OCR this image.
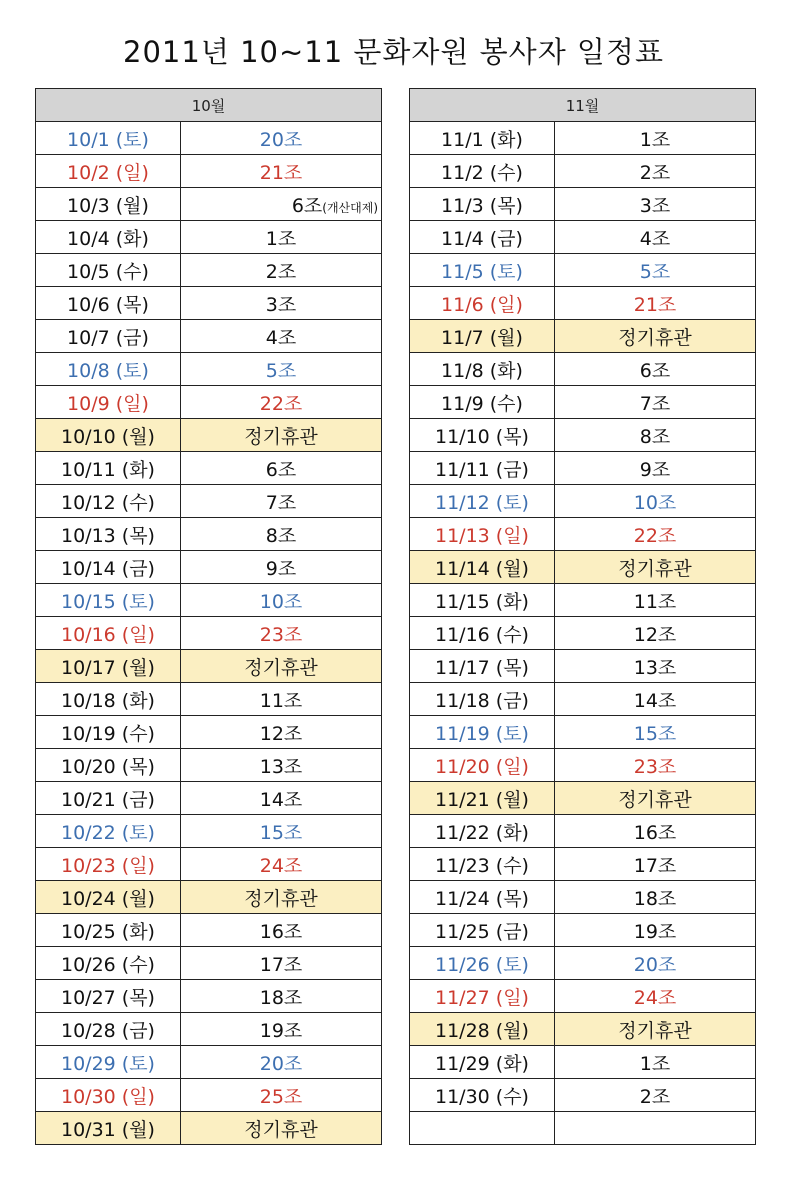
2011년 10~11 문화자원 봉사자 일정표
10월	
10/1 (토)	20조
10/2 (일)	21조
10/3 (월)	6조(개산대제)
10/4 (화)	1조
10/5 (수)	2조
10/6 (목)	3조
10/7 (금)	4조
10/8 (토)	5조
10/9 (일)	22조
10/10 (월)	정기휴관
10/11 (화)	6조
10/12 (수)	7조
10/13 (목)	8조
10/14 (금)	9조
10/15 (토)	10조
10/16 (일)	23조
10/17 (월)	정기휴관
10/18 (화)	11조
10/19 (수)	12조
10/20 (목)	13조
10/21 (금)	14조
10/22 (토)	15조
10/23 (일)	24조
10/24 (월)	정기휴관
10/25 (화)	16조
10/26 (수)	17조
10/27 (목)	18조
10/28 (금)	19조
10/29 (토)	20조
10/30 (일)	25조
10/31 (월)	정기휴관
11월	
11/1 (화)	1조
11/2 (수)	2조
11/3 (목)	3조
11/4 (금)	4조
11/5 (토)	5조
11/6 (일)	21조
11/7 (월)	정기휴관
11/8 (화)	6조
11/9 (수)	7조
11/10 (목)	8조
11/11 (금)	9조
11/12 (토)	10조
11/13 (일)	22조
11/14 (월)	정기휴관
11/15 (화)	11조
11/16 (수)	12조
11/17 (목)	13조
11/18 (금)	14조
11/19 (토)	15조
11/20 (일)	23조
11/21 (월)	정기휴관
11/22 (화)	16조
11/23 (수)	17조
11/24 (목)	18조
11/25 (금)	19조
11/26 (토)	20조
11/27 (일)	24조
11/28 (월)	정기휴관
11/29 (화)	1조
11/30 (수)	2조
